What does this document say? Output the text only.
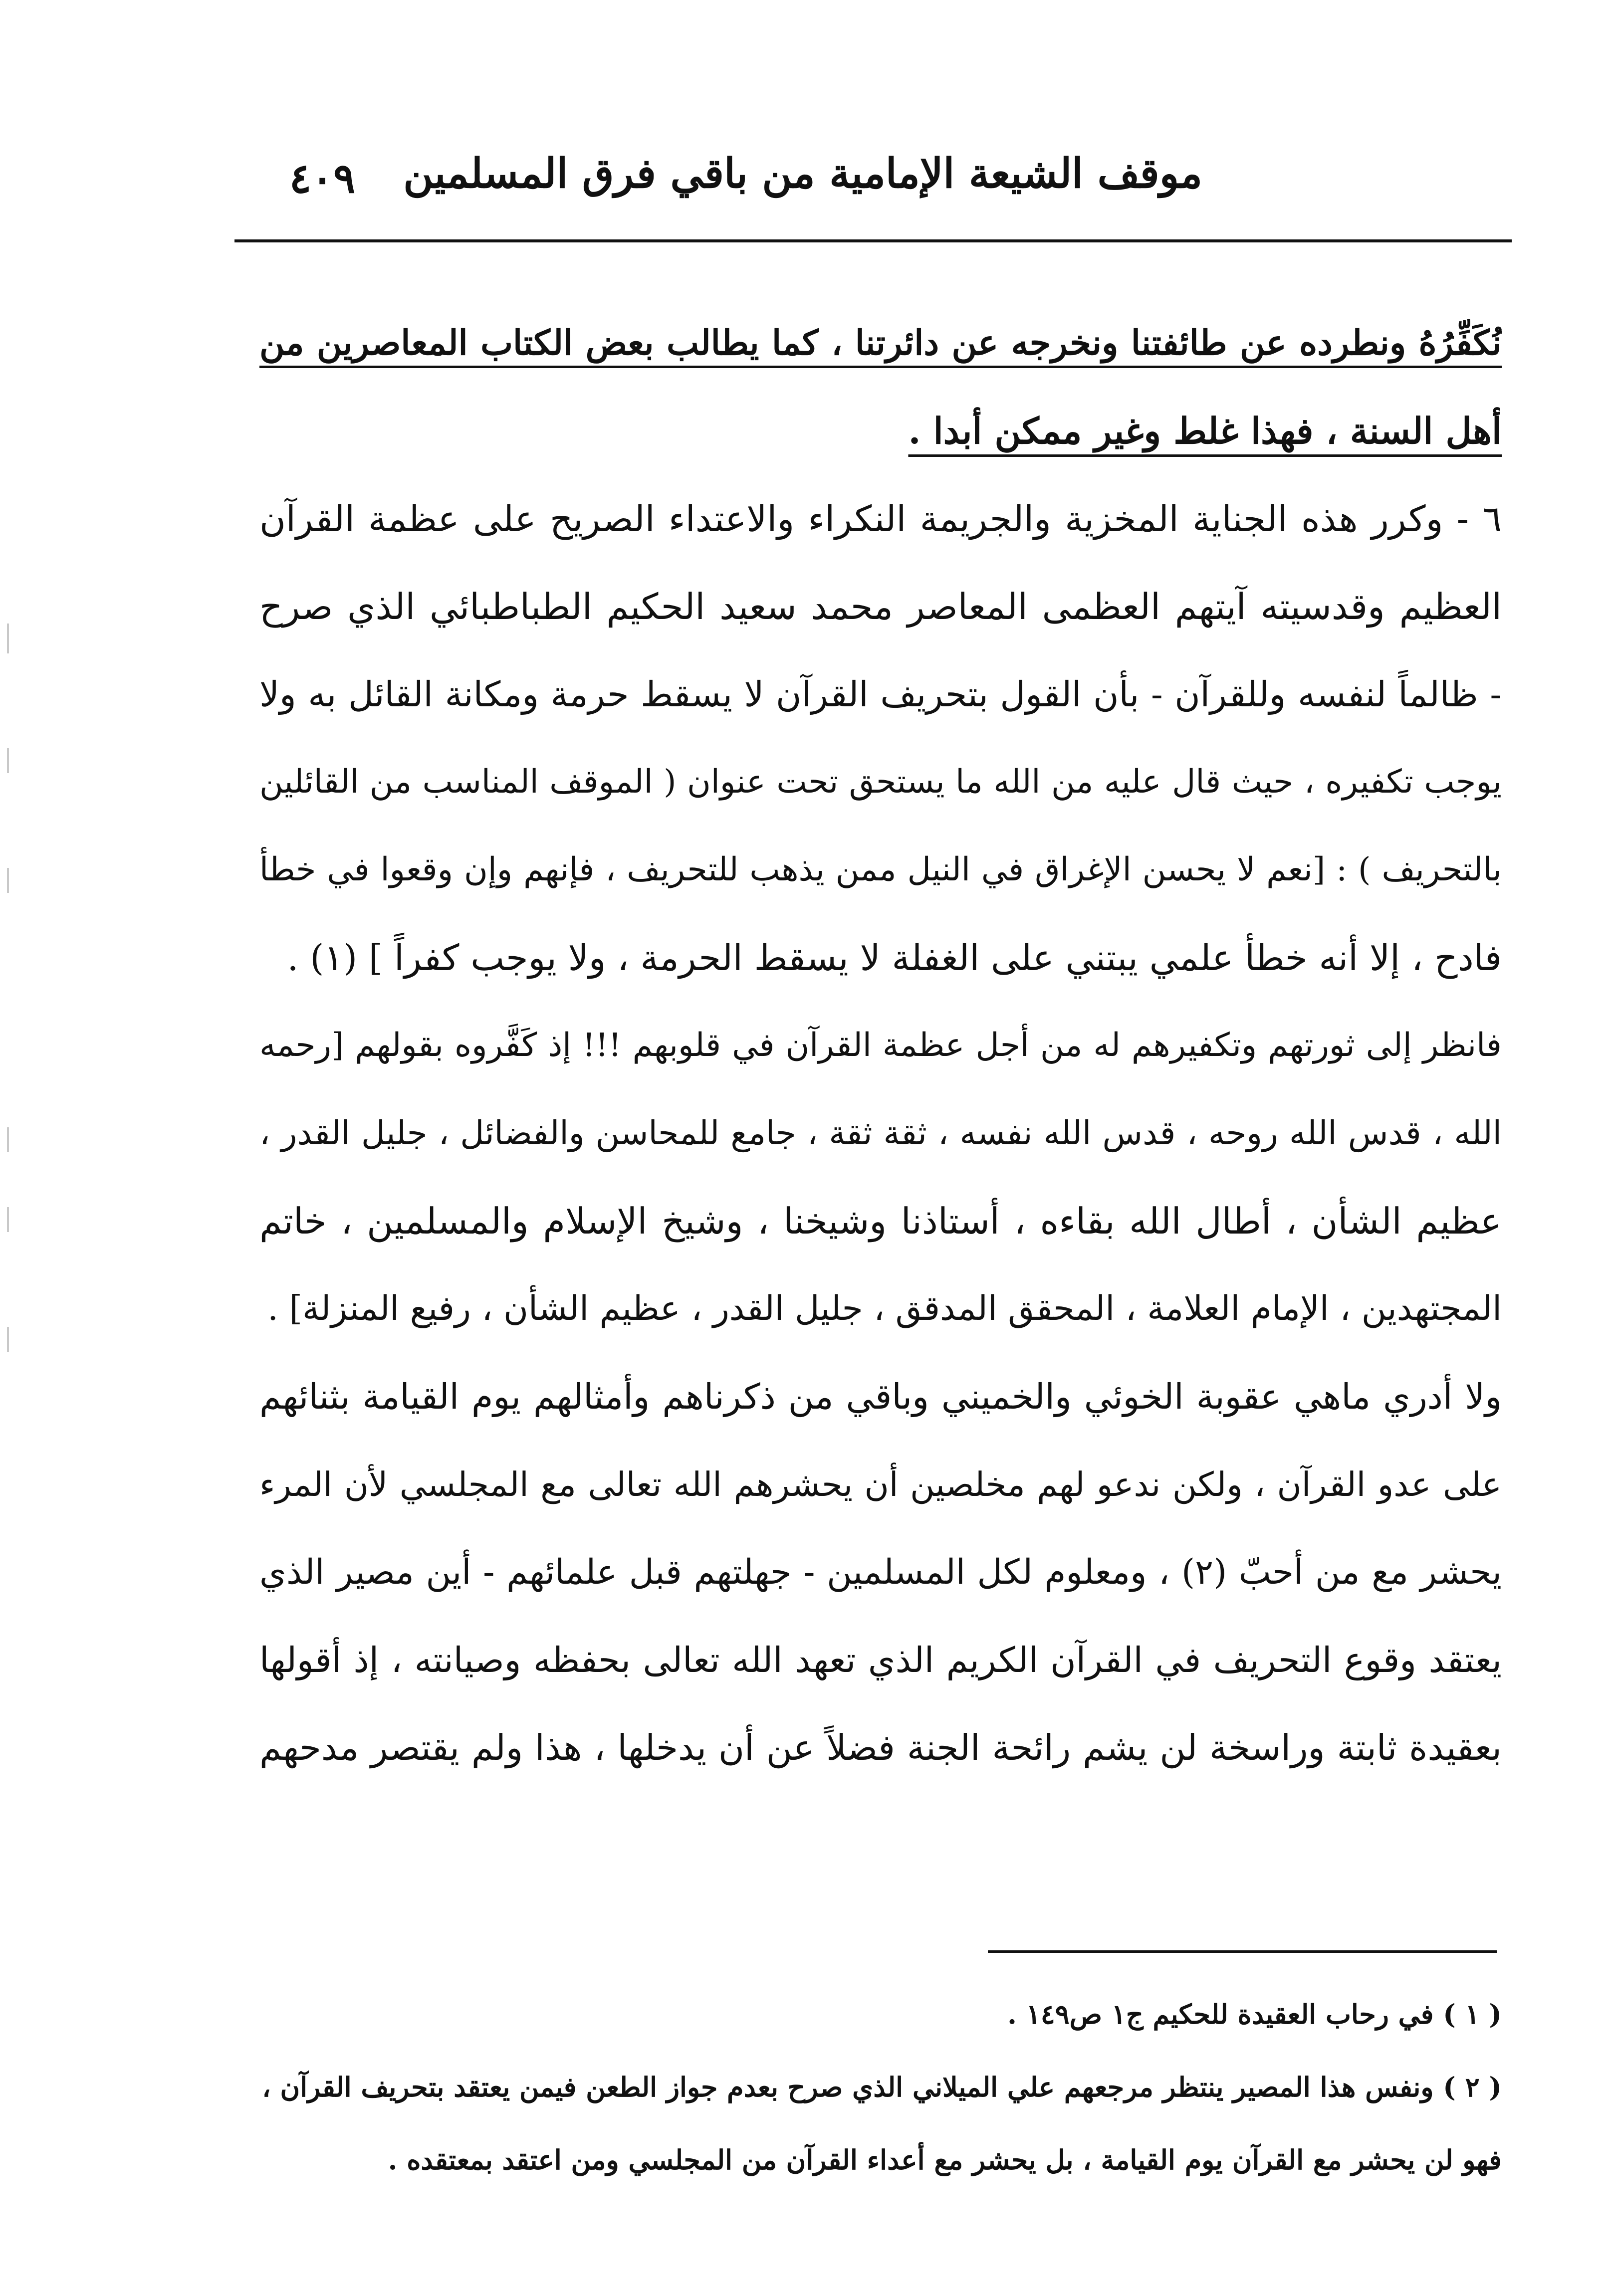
موقف الشيعة الإمامية من باقي فرق المسلمين
٤٠٩
نُكَفِّرُهُ ونطرده عن طائفتنا ونخرجه عن دائرتنا ، كما يطالب بعض الكتاب المعاصرين من
أهل السنة ، فهذا غلط وغير ممكن أبدا .
٦ - وكرر هذه الجناية المخزية والجريمة النكراء والاعتداء الصريح على عظمة القرآن
العظيم وقدسيته آيتهم العظمى المعاصر محمد سعيد الحكيم الطباطبائي الذي صرح
- ظالماً لنفسه وللقرآن - بأن القول بتحريف القرآن لا يسقط حرمة ومكانة القائل به ولا
يوجب تكفيره ، حيث قال عليه من الله ما يستحق تحت عنوان ( الموقف المناسب من القائلين
بالتحريف ) : [نعم لا يحسن الإغراق في النيل ممن يذهب للتحريف ، فإنهم وإن وقعوا في خطأ
فادح ، إلا أنه خطأ علمي يبتني على الغفلة لا يسقط الحرمة ، ولا يوجب كفراً ] (١) .
فانظر إلى ثورتهم وتكفيرهم له من أجل عظمة القرآن في قلوبهم !!! إذ كَفَّروه بقولهم [رحمه
الله ، قدس الله روحه ، قدس الله نفسه ، ثقة ثقة ، جامع للمحاسن والفضائل ، جليل القدر ،
عظيم الشأن ، أطال الله بقاءه ، أستاذنا وشيخنا ، وشيخ الإسلام والمسلمين ، خاتم
المجتهدين ، الإمام العلامة ، المحقق المدقق ، جليل القدر ، عظيم الشأن ، رفيع المنزلة] .
ولا أدري ماهي عقوبة الخوئي والخميني وباقي من ذكرناهم وأمثالهم يوم القيامة بثنائهم
على عدو القرآن ، ولكن ندعو لهم مخلصين أن يحشرهم الله تعالى مع المجلسي لأن المرء
يحشر مع من أحبّ (٢) ، ومعلوم لكل المسلمين - جهلتهم قبل علمائهم - أين مصير الذي
يعتقد وقوع التحريف في القرآن الكريم الذي تعهد الله تعالى بحفظه وصيانته ، إذ أقولها
بعقيدة ثابتة وراسخة لن يشم رائحة الجنة فضلاً عن أن يدخلها ، هذا ولم يقتصر مدحهم
( ١ ) في رحاب العقيدة للحكيم ج١ ص١٤٩ .
( ٢ ) ونفس هذا المصير ينتظر مرجعهم علي الميلاني الذي صرح بعدم جواز الطعن فيمن يعتقد بتحريف القرآن ،
فهو لن يحشر مع القرآن يوم القيامة ، بل يحشر مع أعداء القرآن من المجلسي ومن اعتقد بمعتقده .
